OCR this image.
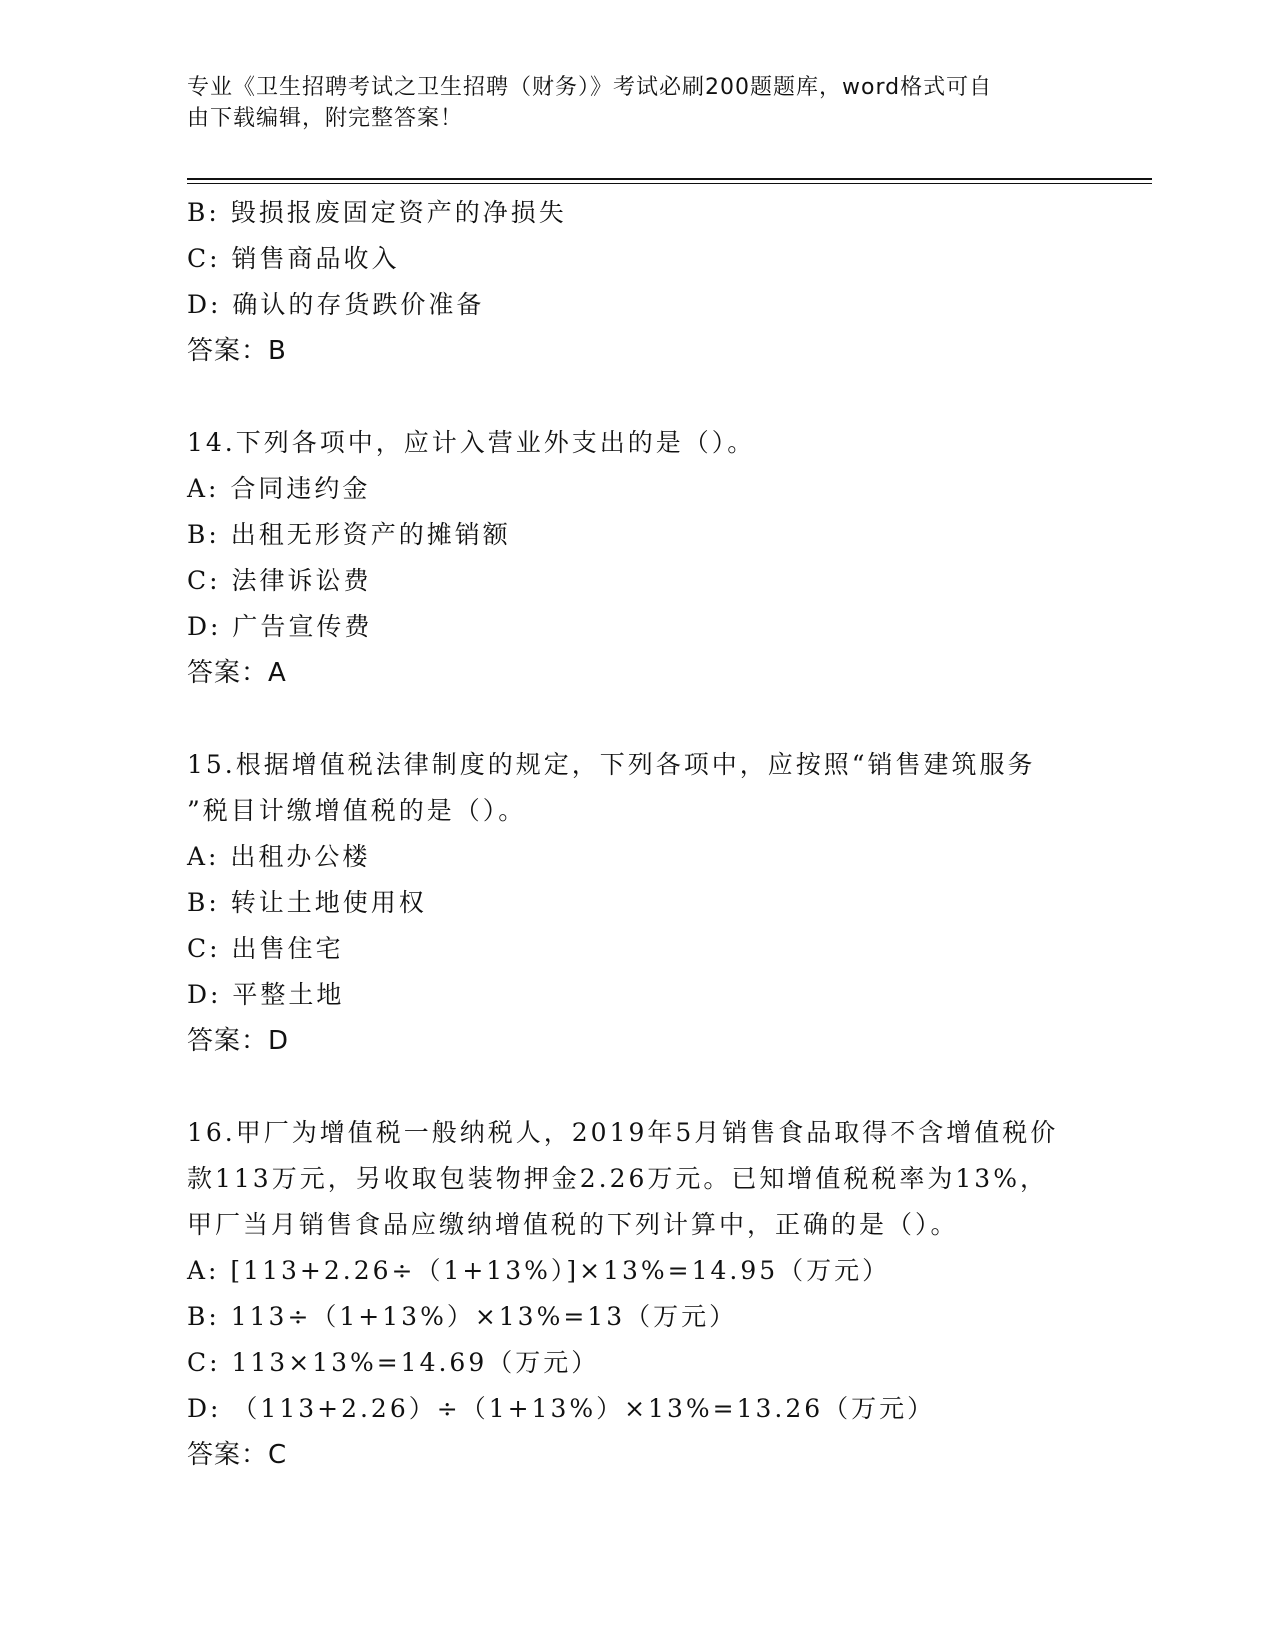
专业《卫生招聘考试之卫生招聘（财务）》考试必刷200题题库，word格式可自
由下载编辑，附完整答案！
B: 毁损报废固定资产的净损失
C: 销售商品收入
D: 确认的存货跌价准备
答案：B
14.下列各项中，应计入营业外支出的是（）。
A: 合同违约金
B: 出租无形资产的摊销额
C: 法律诉讼费
D: 广告宣传费
答案：A
15.根据增值税法律制度的规定，下列各项中，应按照“销售建筑服务
”税目计缴增值税的是（）。
A: 出租办公楼
B: 转让土地使用权
C: 出售住宅
D: 平整土地
答案：D
16.甲厂为增值税一般纳税人，2019年5月销售食品取得不含增值税价
款113万元，另收取包装物押金2.26万元。已知增值税税率为13%，
甲厂当月销售食品应缴纳增值税的下列计算中，正确的是（）。
A: [113+2.26÷（1+13%）]×13%=14.95（万元）
B: 113÷（1+13%）×13%=13（万元）
C: 113×13%=14.69（万元）
D: （113+2.26）÷（1+13%）×13%=13.26（万元）
答案：C
